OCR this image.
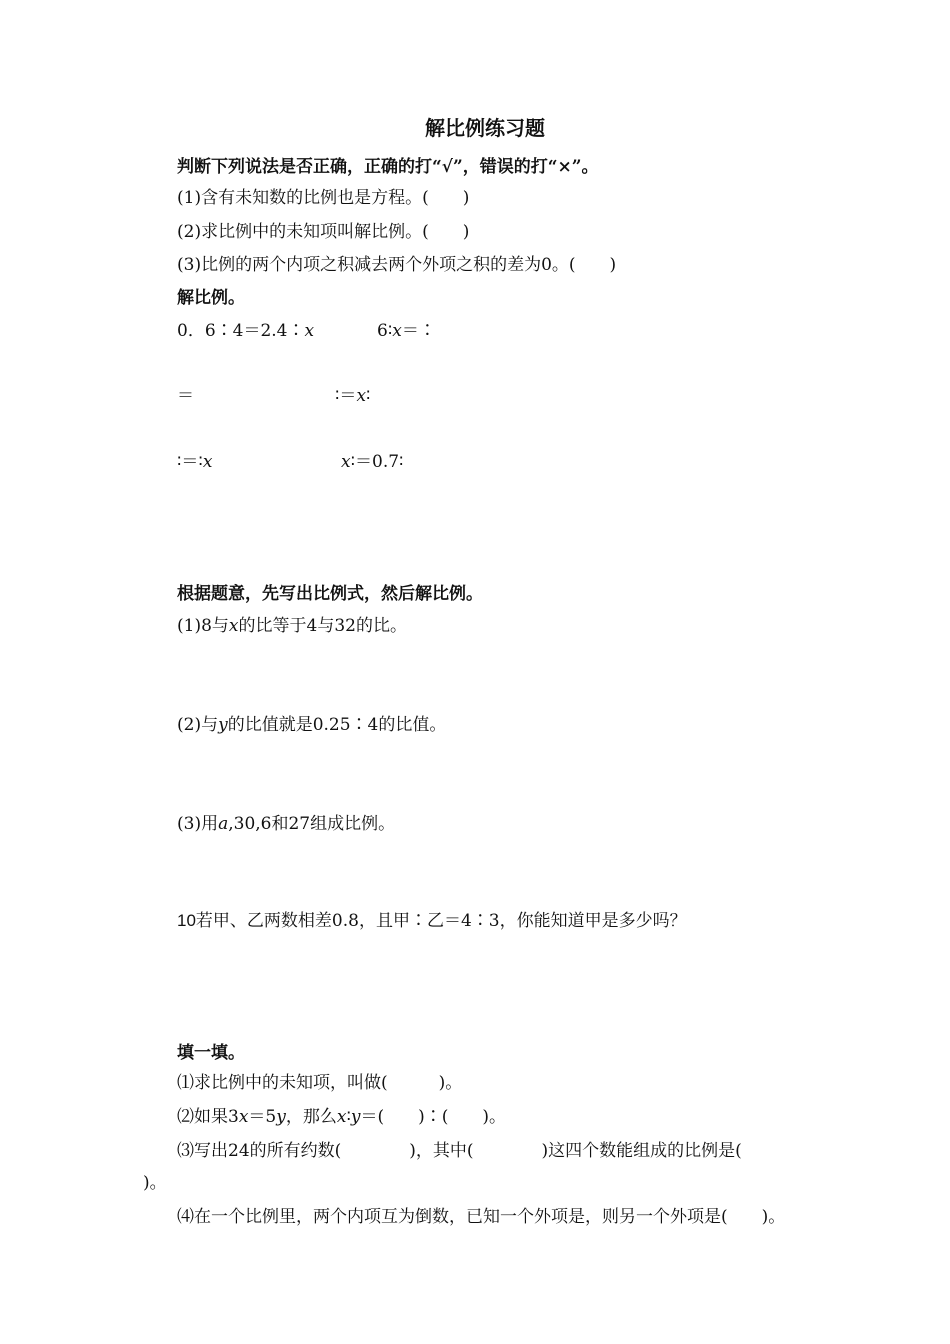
解比例练习题
判断下列说法是否正确，正确的打“√”，错误的打“×”。
(1)含有未知数的比例也是方程。(　　)
(2)求比例中的未知项叫解比例。(　　)
(3)比例的两个内项之积减去两个外项之积的差为0。(　　)
解比例。
0．6∶4＝2.4∶x	6∶x＝∶
＝	∶＝x∶
∶＝∶x	x∶＝0.7∶
根据题意，先写出比例式，然后解比例。
(1)8与x的比等于4与32的比。
(2)与y的比值就是0.25∶4的比值。
(3)用a,30,6和27组成比例。
10若甲、乙两数相差0.8，且甲∶乙＝4∶3，你能知道甲是多少吗？
填一填。
⑴求比例中的未知项，叫做(　　　)。
⑵如果3x＝5y，那么x∶y＝(　　)∶(　　)。
⑶写出24的所有约数(　　　　)，其中(　　　　)这四个数能组成的比例是(
)。
⑷在一个比例里，两个内项互为倒数，已知一个外项是，则另一个外项是(　　)。
